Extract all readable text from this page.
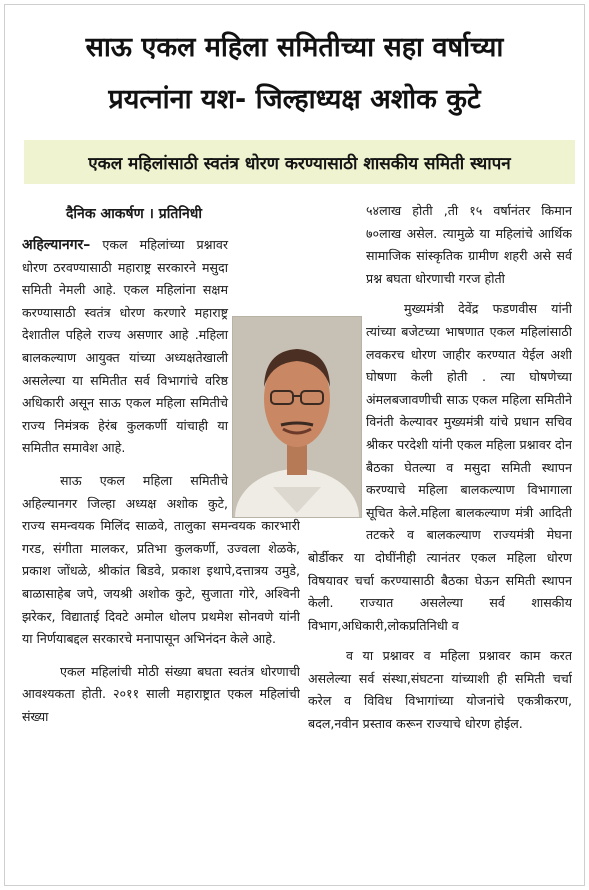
साऊ एकल महिला समितीच्या सहा वर्षाच्या
प्रयत्नांना यश- जिल्हाध्यक्ष अशोक कुटे
एकल महिलांसाठी स्वतंत्र धोरण करण्यासाठी शासकीय समिती स्थापन
दैनिक आकर्षण । प्रतिनिधी

अहिल्यानगर– एकल महिलांच्या प्रश्नावर धोरण ठरवण्यासाठी महाराष्ट्र सरकारने मसुदा समिती नेमली आहे. एकल महिलांना सक्षम करण्यासाठी स्वतंत्र धोरण करणारे महाराष्ट्र देशातील पहिले राज्य असणार आहे .महिला बालकल्याण आयुक्त यांच्या अध्यक्षतेखाली असलेल्या या समितीत सर्व विभागांचे वरिष्ठ अधिकारी असून साऊ एकल महिला समितीचे राज्य निमंत्रक हेरंब कुलकर्णी यांचाही या समितीत समावेश आहे.

साऊ एकल महिला समितीचे अहिल्यानगर जिल्हा अध्यक्ष अशोक कुटे, राज्य समन्वयक मिलिंद साळवे, तालुका समन्वयक कारभारी गरड, संगीता मालकर, प्रतिभा कुलकर्णी, उज्वला शेळके, प्रकाश जोंधळे, श्रीकांत बिडवे, प्रकाश इथापे,दत्तात्रय उमुडे, बाळासाहेब जपे, जयश्री अशोक कुटे, सुजाता गोरे, अश्विनी झरेकर, विद्याताई दिवटे अमोल धोलप प्रथमेश सोनवणे यांनी या निर्णयाबद्दल सरकारचे मनापासून अभिनंदन केले आहे.

एकल महिलांची मोठी संख्या बघता स्वतंत्र धोरणाची आवश्यकता होती. २०११ साली महाराष्ट्रात एकल महिलांची संख्या

५४लाख होती ,ती १५ वर्षानंतर किमान ७०लाख असेल. त्यामुळे या महिलांचे आर्थिक सामाजिक सांस्कृतिक ग्रामीण शहरी असे सर्व प्रश्न बघता धोरणाची गरज होती

मुख्यमंत्री देवेंद्र फडणवीस यांनी त्यांच्या बजेटच्या भाषणात एकल महिलांसाठी लवकरच धोरण जाहीर करण्यात येईल अशी घोषणा केली होती . त्या घोषणेच्या अंमलबजावणीची साऊ एकल महिला समितीने विनंती केल्यावर मुख्यमंत्री यांचे प्रधान सचिव श्रीकर परदेशी यांनी एकल महिला प्रश्नावर दोन बैठका घेतल्या व मसुदा समिती स्थापन करण्याचे महिला बालकल्याण विभागाला सूचित केले.महिला बालकल्याण मंत्री आदिती तटकरे व बालकल्याण राज्यमंत्री मेघना बोर्डीकर या दोघींनीही त्यानंतर एकल महिला धोरण विषयावर चर्चा करण्यासाठी बैठका घेऊन समिती स्थापन केली. राज्यात असलेल्या सर्व शासकीय विभाग,अधिकारी,लोकप्रतिनिधी व

व या प्रश्नावर व महिला प्रश्नावर काम करत असलेल्या सर्व संस्था,संघटना यांच्याशी ही समिती चर्चा करेल व विविध विभागांच्या योजनांचे एकत्रीकरण, बदल,नवीन प्रस्ताव करून राज्याचे धोरण होईल.
